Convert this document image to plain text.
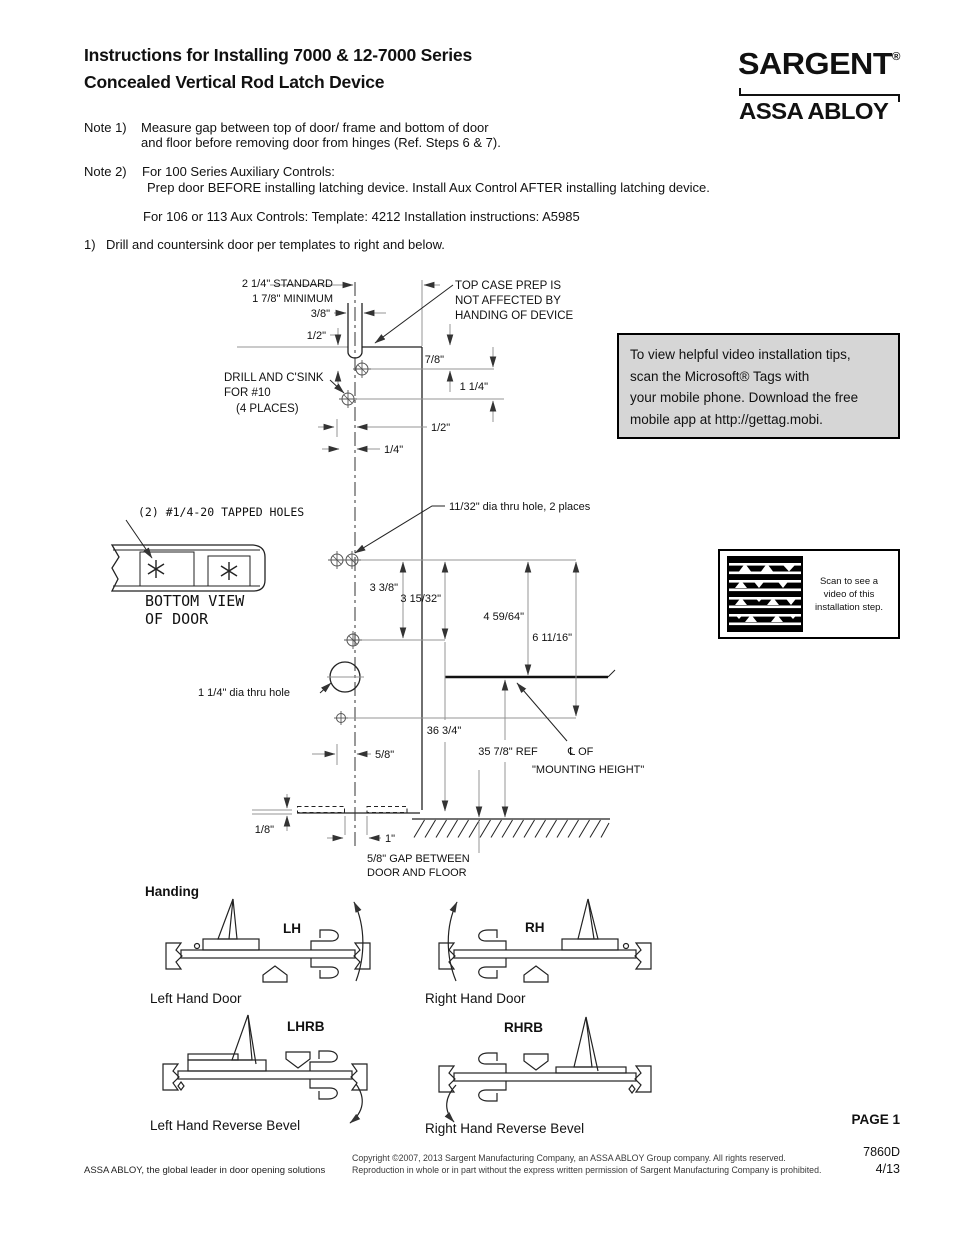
Instructions for Installing 7000 & 12-7000 Series
Concealed Vertical Rod Latch Device
SARGENT®
ASSA ABLOY
Note 1) Measure gap between top of door/ frame and bottom of door
and floor before removing door from hinges (Ref. Steps 6 & 7).
Note 2) For 100 Series Auxiliary Controls:
Prep door BEFORE installing latching device. Install Aux Control AFTER installing latching device.
For 106 or 113 Aux Controls: Template: 4212 Installation instructions: A5985
1) Drill and countersink door per templates to right and below.
2 1/4" STANDARD
1 7/8" MINIMUM
3/8"
1/2"
TOP CASE PREP IS
NOT AFFECTED BY
HANDING OF DEVICE
7/8"
1 1/4"
DRILL AND C'SINK
FOR #10
(4 PLACES)
1/2"
1/4"
11/32" dia thru hole, 2 places
(2) #1/4-20 TAPPED HOLES
BOTTOM VIEW
OF DOOR
3 3/8"
3 15/32"
4 59/64"
6 11/16"
1 1/4" dia thru hole
36 3/4"
35 7/8" REF	℄ OF
"MOUNTING HEIGHT"
5/8"
1/8"
1"
5/8" GAP BETWEEN
DOOR AND FLOOR
To view helpful video installation tips,
scan the Microsoft® Tags with
your mobile phone. Download the free
mobile app at http://gettag.mobi.
Scan to see a
video of this
installation step.
Handing
LH
Left Hand Door
RH
Right Hand Door
LHRB
Left Hand Reverse Bevel
RHRB
Right Hand Reverse Bevel
PAGE 1
7860D
4/13
ASSA ABLOY, the global leader in door opening solutions
Copyright ©2007, 2013 Sargent Manufacturing Company, an ASSA ABLOY Group company. All rights reserved.
Reproduction in whole or in part without the express written permission of Sargent Manufacturing Company is prohibited.
